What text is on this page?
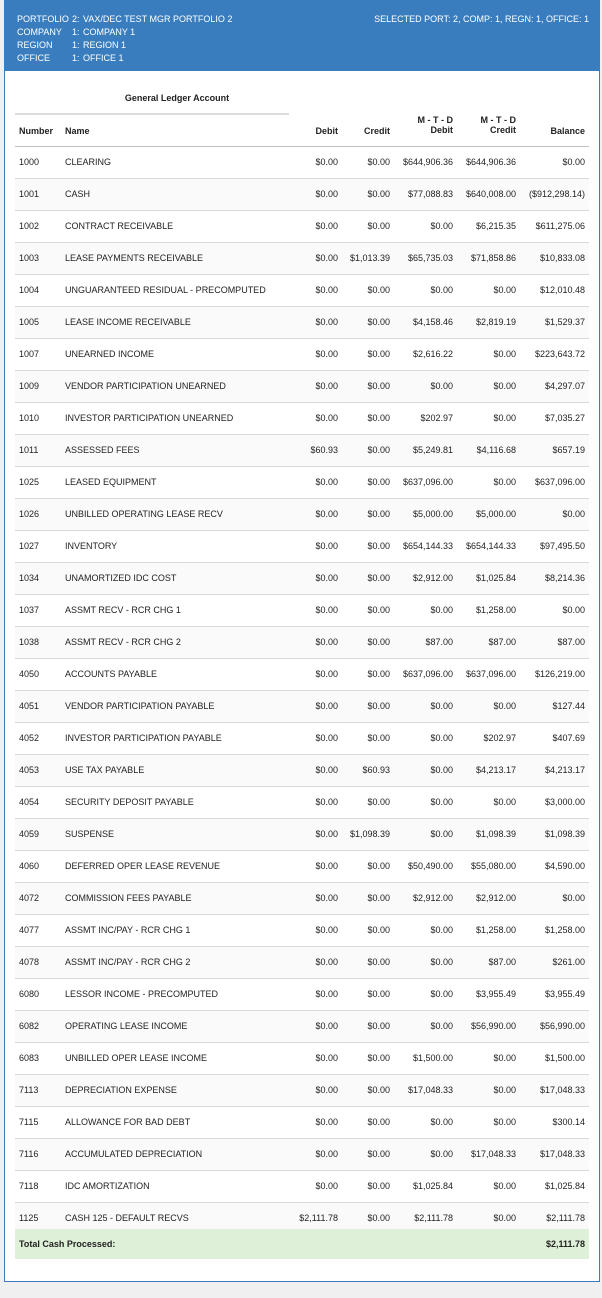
PORTFOLIO 2: VAX/DEC TEST MGR PORTFOLIO 2
COMPANY 1: COMPANY 1
REGION 1: REGION 1
OFFICE 1: OFFICE 1
SELECTED PORT: 2, COMP: 1, REGN: 1, OFFICE: 1
General Ledger Account
Number Name	Debit	Credit
M - T - D
Debit
M - T - D
Credit	Balance
1000	CLEARING	$0.00	$0.00 $644,906.36 $644,906.36	$0.00
1001	CASH	$0.00	$0.00 $77,088.83 $640,008.00 ($912,298.14)
1002	CONTRACT RECEIVABLE	$0.00	$0.00	$0.00	$6,215.35 $611,275.06
1003	LEASE PAYMENTS RECEIVABLE	$0.00 $1,013.39 $65,735.03 $71,858.86	$10,833.08
1004	UNGUARANTEED RESIDUAL - PRECOMPUTED	$0.00	$0.00	$0.00	$0.00	$12,010.48
1005	LEASE INCOME RECEIVABLE	$0.00	$0.00	$4,158.46	$2,819.19	$1,529.37
1007	UNEARNED INCOME	$0.00	$0.00	$2,616.22	$0.00 $223,643.72
1009	VENDOR PARTICIPATION UNEARNED	$0.00	$0.00	$0.00	$0.00	$4,297.07
1010	INVESTOR PARTICIPATION UNEARNED	$0.00	$0.00	$202.97	$0.00	$7,035.27
1011	ASSESSED FEES	$60.93	$0.00	$5,249.81	$4,116.68	$657.19
1025	LEASED EQUIPMENT	$0.00	$0.00 $637,096.00	$0.00 $637,096.00
1026	UNBILLED OPERATING LEASE RECV	$0.00	$0.00	$5,000.00	$5,000.00	$0.00
1027	INVENTORY	$0.00	$0.00 $654,144.33 $654,144.33	$97,495.50
1034	UNAMORTIZED IDC COST	$0.00	$0.00	$2,912.00	$1,025.84	$8,214.36
1037	ASSMT RECV - RCR CHG 1	$0.00	$0.00	$0.00	$1,258.00	$0.00
1038	ASSMT RECV - RCR CHG 2	$0.00	$0.00	$87.00	$87.00	$87.00
4050	ACCOUNTS PAYABLE	$0.00	$0.00 $637,096.00 $637,096.00 $126,219.00
4051	VENDOR PARTICIPATION PAYABLE	$0.00	$0.00	$0.00	$0.00	$127.44
4052	INVESTOR PARTICIPATION PAYABLE	$0.00	$0.00	$0.00	$202.97	$407.69
4053	USE TAX PAYABLE	$0.00	$60.93	$0.00	$4,213.17	$4,213.17
4054	SECURITY DEPOSIT PAYABLE	$0.00	$0.00	$0.00	$0.00	$3,000.00
4059	SUSPENSE	$0.00 $1,098.39	$0.00	$1,098.39	$1,098.39
4060	DEFERRED OPER LEASE REVENUE	$0.00	$0.00 $50,490.00 $55,080.00	$4,590.00
4072	COMMISSION FEES PAYABLE	$0.00	$0.00	$2,912.00	$2,912.00	$0.00
4077	ASSMT INC/PAY - RCR CHG 1	$0.00	$0.00	$0.00	$1,258.00	$1,258.00
4078	ASSMT INC/PAY - RCR CHG 2	$0.00	$0.00	$0.00	$87.00	$261.00
6080	LESSOR INCOME - PRECOMPUTED	$0.00	$0.00	$0.00	$3,955.49	$3,955.49
6082	OPERATING LEASE INCOME	$0.00	$0.00	$0.00 $56,990.00	$56,990.00
6083	UNBILLED OPER LEASE INCOME	$0.00	$0.00	$1,500.00	$0.00	$1,500.00
7113	DEPRECIATION EXPENSE	$0.00	$0.00 $17,048.33	$0.00	$17,048.33
7115	ALLOWANCE FOR BAD DEBT	$0.00	$0.00	$0.00	$0.00	$300.14
7116	ACCUMULATED DEPRECIATION	$0.00	$0.00	$0.00 $17,048.33	$17,048.33
7118	IDC AMORTIZATION	$0.00	$0.00	$1,025.84	$0.00	$1,025.84
1125	CASH 125 - DEFAULT RECVS	$2,111.78	$0.00	$2,111.78	$0.00	$2,111.78
Total Cash Processed:	$2,111.78
